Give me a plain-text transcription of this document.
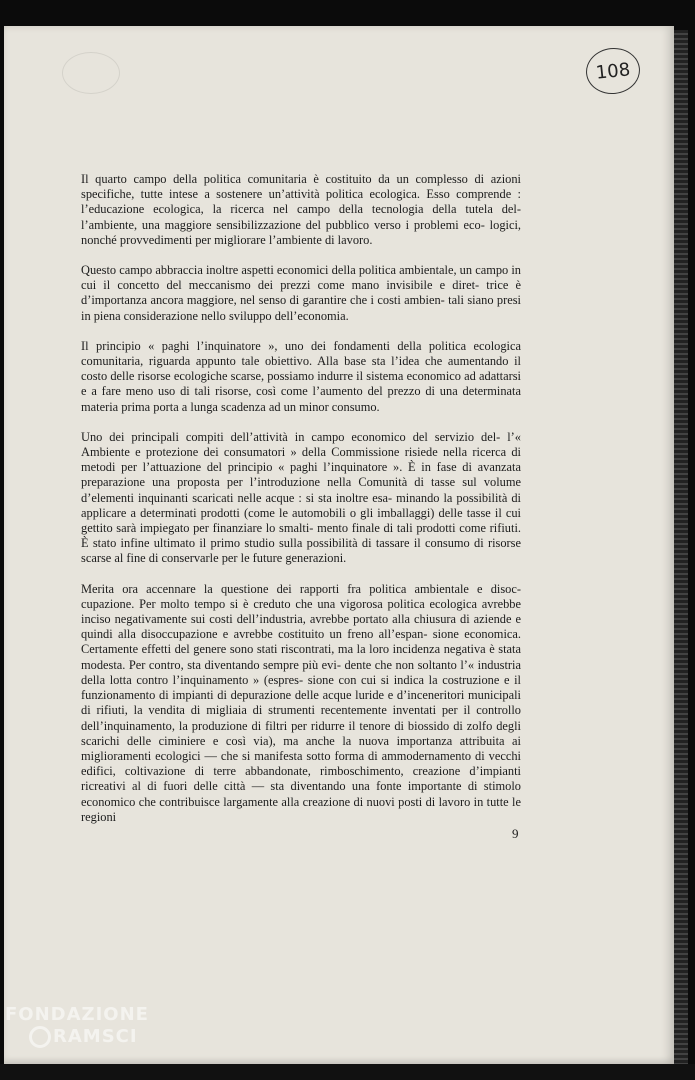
108

Il quarto campo della politica comunitaria è costituito da un complesso di azioni specifiche, tutte intese a sostenere un’attività politica ecologica. Esso comprende : l’educazione ecologica, la ricerca nel campo della tecnologia della tutela del- l’ambiente, una maggiore sensibilizzazione del pubblico verso i problemi eco- logici, nonché provvedimenti per migliorare l’ambiente di lavoro.

Questo campo abbraccia inoltre aspetti economici della politica ambientale, un campo in cui il concetto del meccanismo dei prezzi come mano invisibile e diret- trice è d’importanza ancora maggiore, nel senso di garantire che i costi ambien- tali siano presi in piena considerazione nello sviluppo dell’economia.

Il principio « paghi l’inquinatore », uno dei fondamenti della politica ecologica comunitaria, riguarda appunto tale obiettivo. Alla base sta l’idea che aumentando il costo delle risorse ecologiche scarse, possiamo indurre il sistema economico ad adattarsi e a fare meno uso di tali risorse, così come l’aumento del prezzo di una determinata materia prima porta a lunga scadenza ad un minor consumo.

Uno dei principali compiti dell’attività in campo economico del servizio del- l’« Ambiente e protezione dei consumatori » della Commissione risiede nella ricerca di metodi per l’attuazione del principio « paghi l’inquinatore ». È in fase di avanzata preparazione una proposta per l’introduzione nella Comunità di tasse sul volume d’elementi inquinanti scaricati nelle acque : si sta inoltre esa- minando la possibilità di applicare a determinati prodotti (come le automobili o gli imballaggi) delle tasse il cui gettito sarà impiegato per finanziare lo smalti- mento finale di tali prodotti come rifiuti. È stato infine ultimato il primo studio sulla possibilità di tassare il consumo di risorse scarse al fine di conservarle per le future generazioni.

Merita ora accennare la questione dei rapporti fra politica ambientale e disoc- cupazione. Per molto tempo si è creduto che una vigorosa politica ecologica avrebbe inciso negativamente sui costi dell’industria, avrebbe portato alla chiusura di aziende e quindi alla disoccupazione e avrebbe costituito un freno all’espan- sione economica. Certamente effetti del genere sono stati riscontrati, ma la loro incidenza negativa è stata modesta. Per contro, sta diventando sempre più evi- dente che non soltanto l’« industria della lotta contro l’inquinamento » (espres- sione con cui si indica la costruzione e il funzionamento di impianti di depurazione delle acque luride e d’inceneritori municipali di rifiuti, la vendita di migliaia di strumenti recentemente inventati per il controllo dell’inquinamento, la produzione di filtri per ridurre il tenore di biossido di zolfo degli scarichi delle ciminiere e così via), ma anche la nuova importanza attribuita ai miglioramenti ecologici — che si manifesta sotto forma di ammodernamento di vecchi edifici, coltivazione di terre abbandonate, rimboschimento, creazione d’impianti ricreativi al di fuori delle città — sta diventando una fonte importante di stimolo economico che contribuisce largamente alla creazione di nuovi posti di lavoro in tutte le regioni

9
FONDAZIONE
RAMSCI
